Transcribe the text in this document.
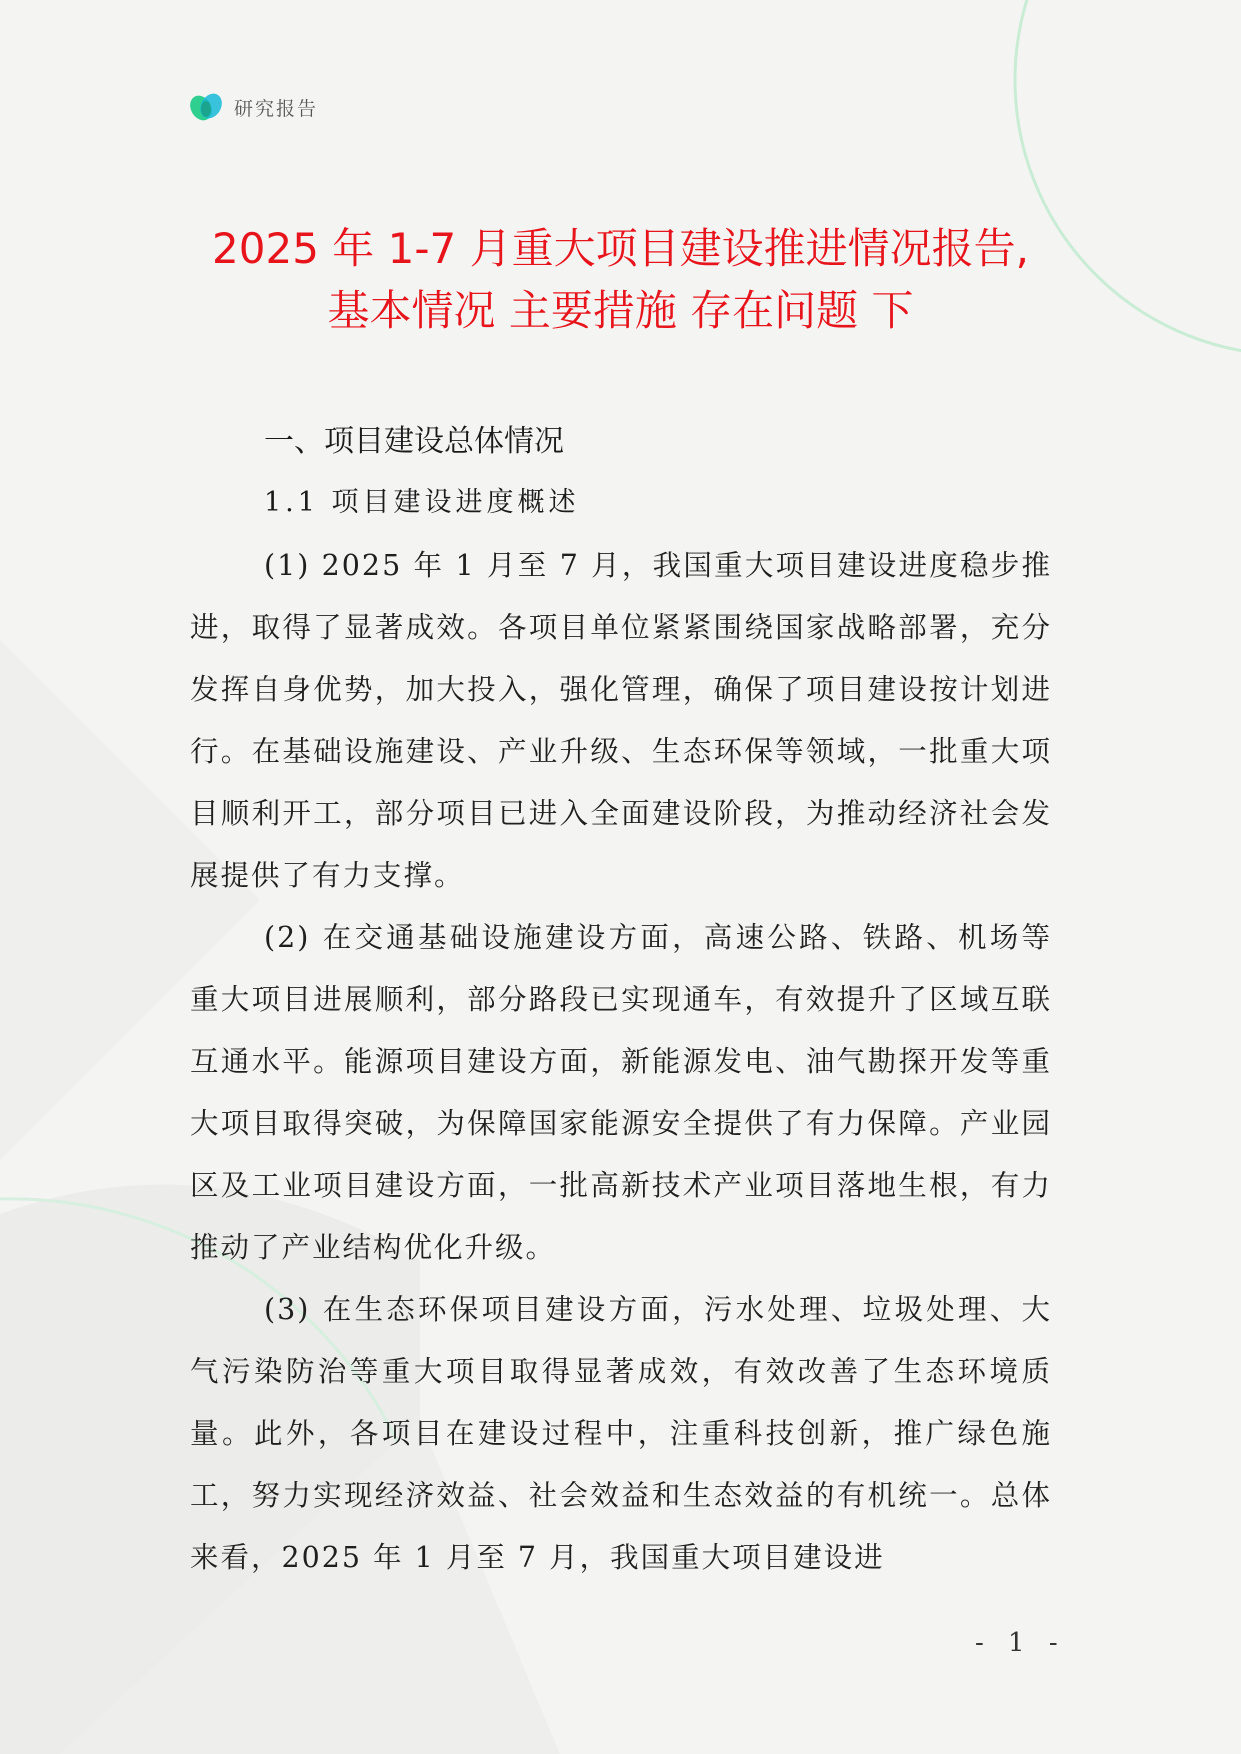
研究报告
2025 年 1-7 月重大项目建设推进情况报告,
基本情况 主要措施 存在问题 下
一、项目建设总体情况
1.1 项目建设进度概述

(1) 2025 年 1 月至 7 月，我国重大项目建设进度稳步推进，取得了显著成效。各项目单位紧紧围绕国家战略部署，充分发挥自身优势，加大投入，强化管理，确保了项目建设按计划进行。在基础设施建设、产业升级、生态环保等领域，一批重大项目顺利开工，部分项目已进入全面建设阶段，为推动经济社会发展提供了有力支撑。

(2) 在交通基础设施建设方面，高速公路、铁路、机场等重大项目进展顺利，部分路段已实现通车，有效提升了区域互联互通水平。能源项目建设方面，新能源发电、油气勘探开发等重大项目取得突破，为保障国家能源安全提供了有力保障。产业园区及工业项目建设方面，一批高新技术产业项目落地生根，有力推动了产业结构优化升级。

(3) 在生态环保项目建设方面，污水处理、垃圾处理、大气污染防治等重大项目取得显著成效，有效改善了生态环境质量。此外，各项目在建设过程中，注重科技创新，推广绿色施工，努力实现经济效益、社会效益和生态效益的有机统一。总体来看，2025 年 1 月至 7 月，我国重大项目建设进

- 1 -
